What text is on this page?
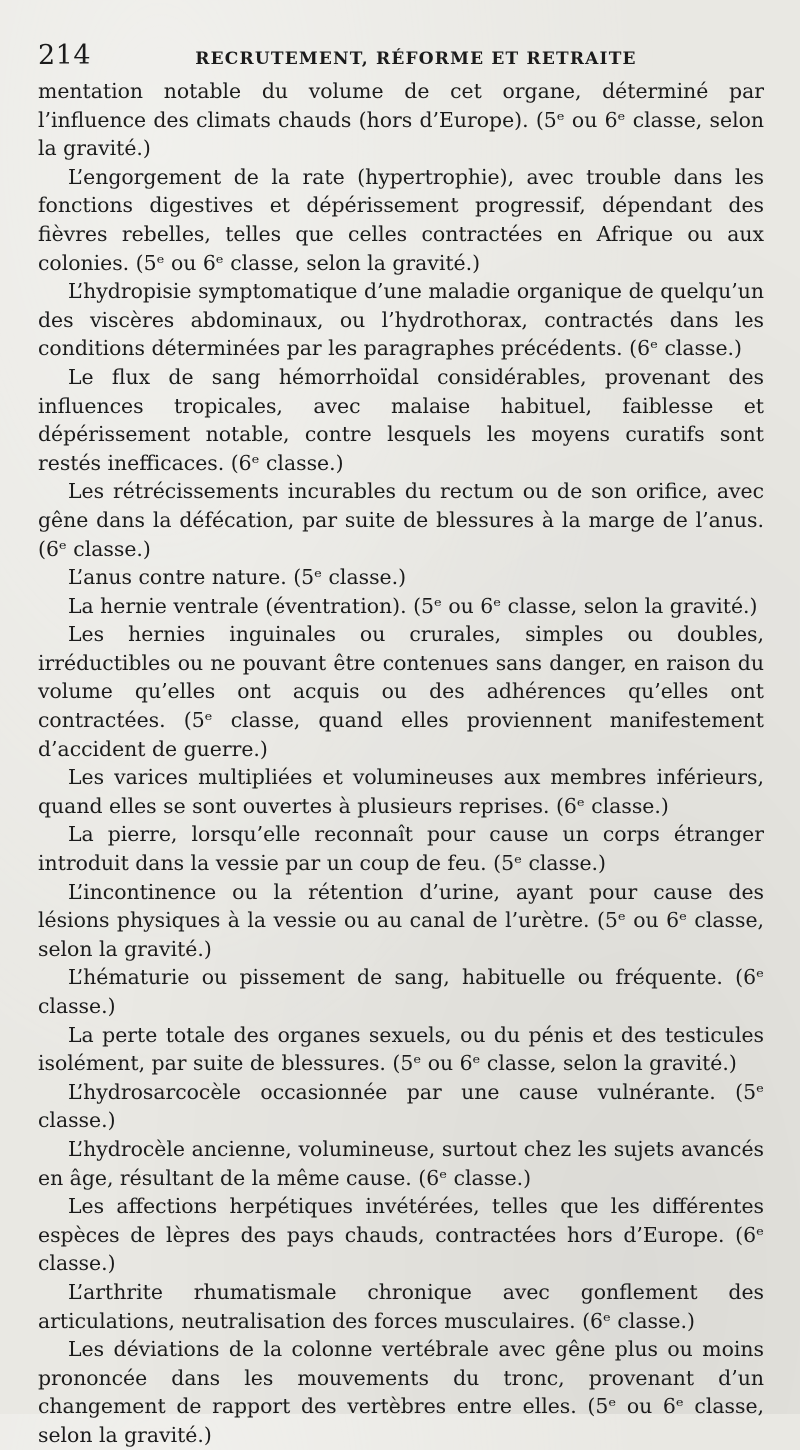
214	RECRUTEMENT, RÉFORME ET RETRAITE

mentation notable du volume de cet organe, déterminé par l’influence des climats chauds (hors d’Europe). (5ᵉ ou 6ᵉ classe, selon la gravité.)

L’engorgement de la rate (hypertrophie), avec trouble dans les fonctions digestives et dépérissement progressif, dépendant des fièvres rebelles, telles que celles contractées en Afrique ou aux colonies. (5ᵉ ou 6ᵉ classe, selon la gravité.)

L’hydropisie symptomatique d’une maladie organique de quelqu’un des viscères abdominaux, ou l’hydrothorax, contractés dans les conditions déterminées par les paragraphes précédents. (6ᵉ classe.)

Le flux de sang hémorrhoïdal considérables, provenant des influences tropicales, avec malaise habituel, faiblesse et dépérissement notable, contre lesquels les moyens curatifs sont restés inefficaces. (6ᵉ classe.)

Les rétrécissements incurables du rectum ou de son orifice, avec gêne dans la défécation, par suite de blessures à la marge de l’anus. (6ᵉ classe.)

L’anus contre nature. (5ᵉ classe.)

La hernie ventrale (éventration). (5ᵉ ou 6ᵉ classe, selon la gravité.)

Les hernies inguinales ou crurales, simples ou doubles, irréductibles ou ne pouvant être contenues sans danger, en raison du volume qu’elles ont acquis ou des adhérences qu’elles ont contractées. (5ᵉ classe, quand elles proviennent manifestement d’accident de guerre.)

Les varices multipliées et volumineuses aux membres inférieurs, quand elles se sont ouvertes à plusieurs reprises. (6ᵉ classe.)

La pierre, lorsqu’elle reconnaît pour cause un corps étranger introduit dans la vessie par un coup de feu. (5ᵉ classe.)

L’incontinence ou la rétention d’urine, ayant pour cause des lésions physiques à la vessie ou au canal de l’urètre. (5ᵉ ou 6ᵉ classe, selon la gravité.)

L’hématurie ou pissement de sang, habituelle ou fréquente. (6ᵉ classe.)

La perte totale des organes sexuels, ou du pénis et des testicules isolément, par suite de blessures. (5ᵉ ou 6ᵉ classe, selon la gravité.)

L’hydrosarcocèle occasionnée par une cause vulnérante. (5ᵉ classe.)

L’hydrocèle ancienne, volumineuse, surtout chez les sujets avancés en âge, résultant de la même cause. (6ᵉ classe.)

Les affections herpétiques invétérées, telles que les différentes espèces de lèpres des pays chauds, contractées hors d’Europe. (6ᵉ classe.)

L’arthrite rhumatismale chronique avec gonflement des articulations, neutralisation des forces musculaires. (6ᵉ classe.)

Les déviations de la colonne vertébrale avec gêne plus ou moins prononcée dans les mouvements du tronc, provenant d’un changement de rapport des vertèbres entre elles. (5ᵉ ou 6ᵉ classe, selon la gravité.)
